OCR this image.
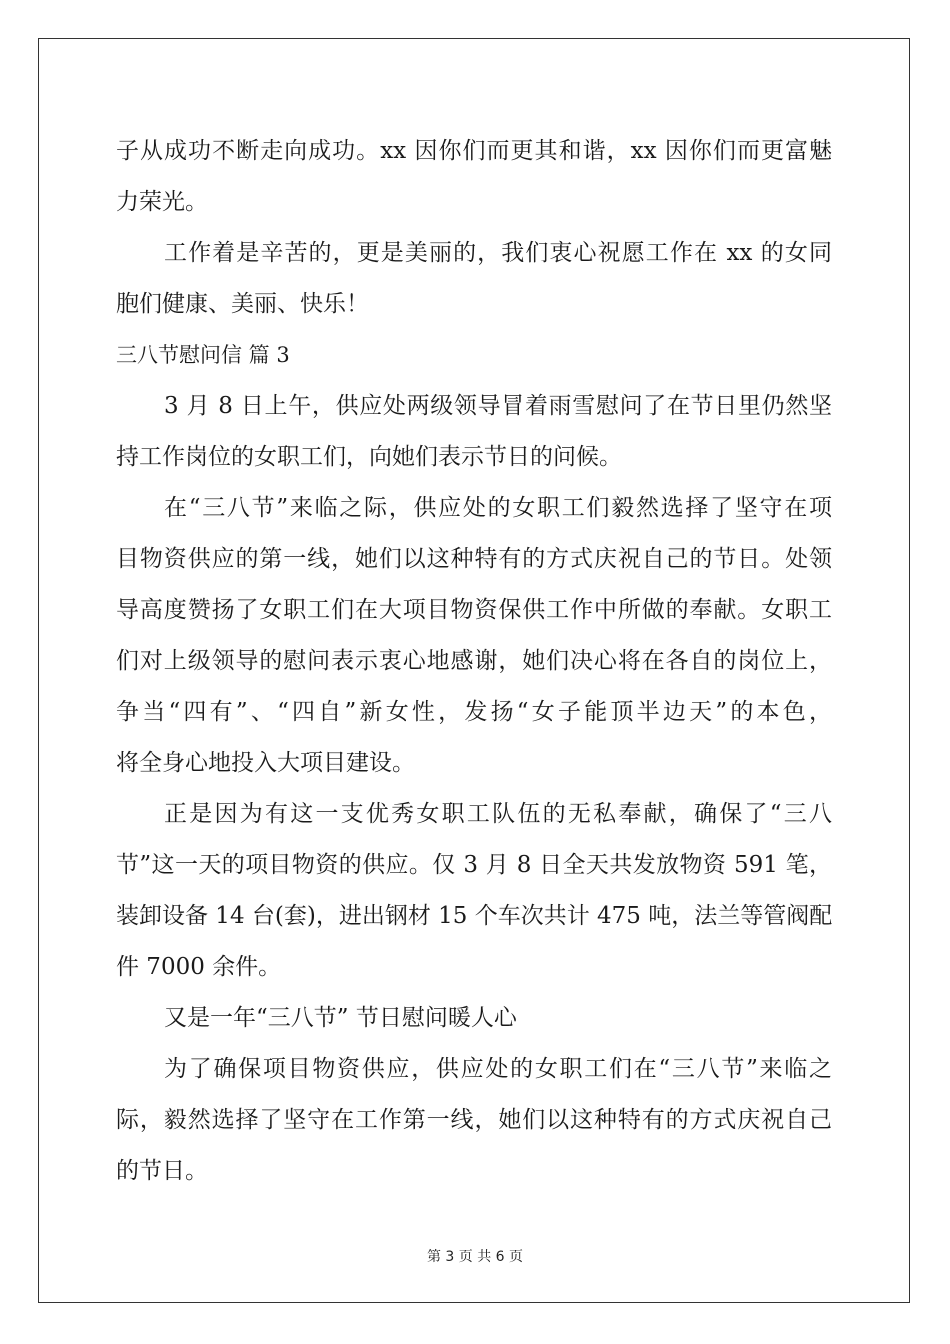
子从成功不断走向成功。xx 因你们而更其和谐，xx 因你们而更富魅
力荣光。
工作着是辛苦的，更是美丽的，我们衷心祝愿工作在 xx 的女同
胞们健康、美丽、快乐！
三八节慰问信 篇 3
3 月 8 日上午，供应处两级领导冒着雨雪慰问了在节日里仍然坚
持工作岗位的女职工们，向她们表示节日的问候。
在“三八节”来临之际，供应处的女职工们毅然选择了坚守在项
目物资供应的第一线，她们以这种特有的方式庆祝自己的节日。处领
导高度赞扬了女职工们在大项目物资保供工作中所做的奉献。女职工
们对上级领导的慰问表示衷心地感谢，她们决心将在各自的岗位上，
争当“四有”、“四自”新女性，发扬“女子能顶半边天”的本色，
将全身心地投入大项目建设。
正是因为有这一支优秀女职工队伍的无私奉献，确保了“三八
节”这一天的项目物资的供应。仅 3 月 8 日全天共发放物资 591 笔，
装卸设备 14 台(套)，进出钢材 15 个车次共计 475 吨，法兰等管阀配
件 7000 余件。
又是一年“三八节” 节日慰问暖人心
为了确保项目物资供应，供应处的女职工们在“三八节”来临之
际，毅然选择了坚守在工作第一线，她们以这种特有的方式庆祝自己
的节日。
第 3 页 共 6 页
